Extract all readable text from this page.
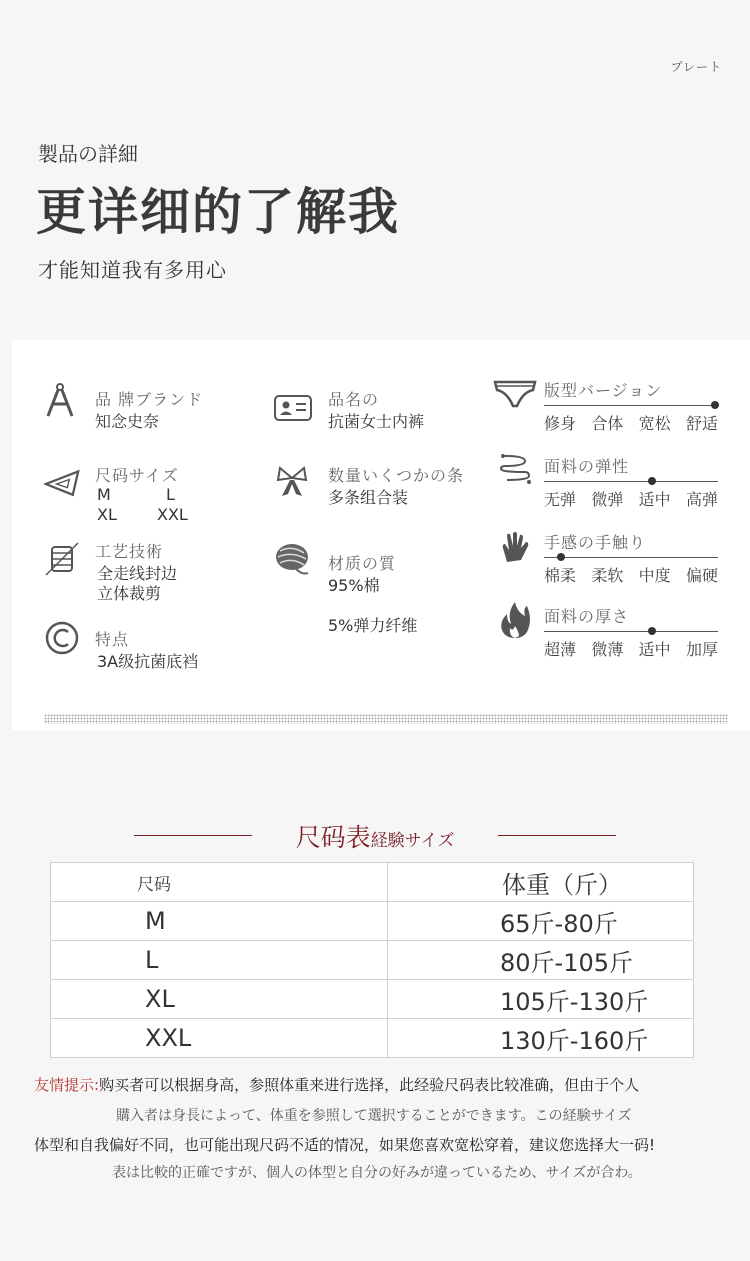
プレート
製品の詳細
更详细的了解我
才能知道我有多用心
品 牌ブランド
知念史奈
尺码サイズ
M	L
XL	XXL
工艺技術
全走线封边
立体裁剪
特点
3A级抗菌底裆
品名の
抗菌女士内裤
数量いくつかの条
多条组合装
材质の質
95%棉
5%弹力纤维
版型バージョン
修身 合体 宽松 舒适
面料の弹性
无弹 微弹 适中 高弹
手感の手触り
棉柔 柔软 中度 偏硬
面料の厚さ
超薄 微薄 适中 加厚
尺码表経験サイズ
尺码	体重（斤）
M	65斤-80斤
L	80斤-105斤
XL	105斤-130斤
XXL	130斤-160斤
友情提示:购买者可以根据身高，参照体重来进行选择，此经验尺码表比较准确，但由于个人
購入者は身長によって、体重を参照して選択することができます。この経験サイズ
体型和自我偏好不同，也可能出现尺码不适的情况，如果您喜欢宽松穿着，建议您选择大一码!
表は比較的正確ですが、個人の体型と自分の好みが違っているため、サイズが合わ。
